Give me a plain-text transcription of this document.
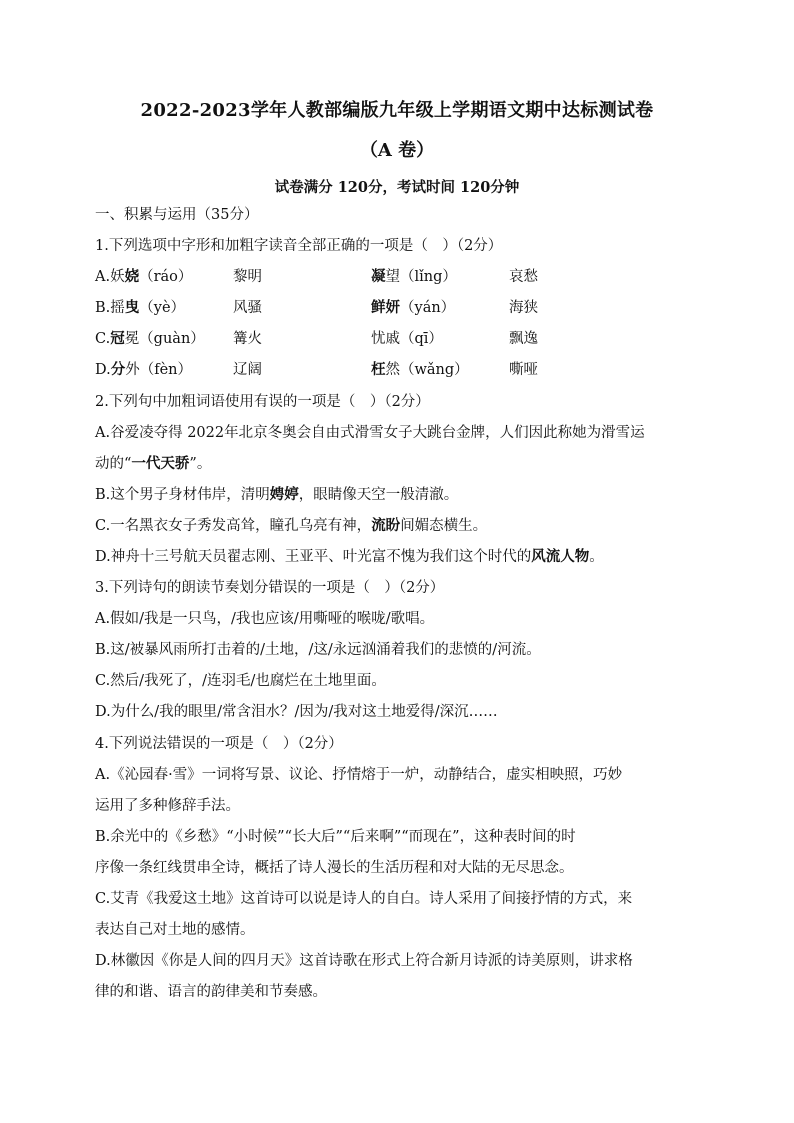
2022-2023学年人教部编版九年级上学期语文期中达标测试卷
（A 卷）
试卷满分 120分，考试时间 120分钟
一、积累与运用（35分）
1.下列选项中字形和加粗字读音全部正确的一项是（　）（2分）
A.妖娆（ráo）	黎明	凝望（lǐng）	哀愁
B.摇曳（yè）	风骚	鲜妍（yán）	海狭
C.冠冕（guàn） 篝火	忧戚（qī）	飘逸
D.分外（fèn）	辽阔	枉然（wǎng）	嘶哑
2.下列句中加粗词语使用有误的一项是（　）（2分）
A.谷爱凌夺得 2022年北京冬奥会自由式滑雪女子大跳台金牌，人们因此称她为滑雪运
动的“一代天骄”。
B.这个男子身材伟岸，清明娉婷，眼睛像天空一般清澈。
C.一名黑衣女子秀发高耸，瞳孔乌亮有神，流盼间媚态横生。
D.神舟十三号航天员翟志刚、王亚平、叶光富不愧为我们这个时代的风流人物。
3.下列诗句的朗读节奏划分错误的一项是（　）（2分）
A.假如/我是一只鸟，/我也应该/用嘶哑的喉咙/歌唱。
B.这/被暴风雨所打击着的/土地，/这/永远汹涌着我们的悲愤的/河流。
C.然后/我死了，/连羽毛/也腐烂在土地里面。
D.为什么/我的眼里/常含泪水？/因为/我对这土地爱得/深沉……
4.下列说法错误的一项是（　）（2分）
A.《沁园春·雪》一词将写景、议论、抒情熔于一炉，动静结合，虚实相映照，巧妙
运用了多种修辞手法。
B.余光中的《乡愁》“小时候”“长大后”“后来啊”“而现在”，这种表时间的时
序像一条红线贯串全诗，概括了诗人漫长的生活历程和对大陆的无尽思念。
C.艾青《我爱这土地》这首诗可以说是诗人的自白。诗人采用了间接抒情的方式，来
表达自己对土地的感情。
D.林徽因《你是人间的四月天》这首诗歌在形式上符合新月诗派的诗美原则，讲求格
律的和谐、语言的韵律美和节奏感。
